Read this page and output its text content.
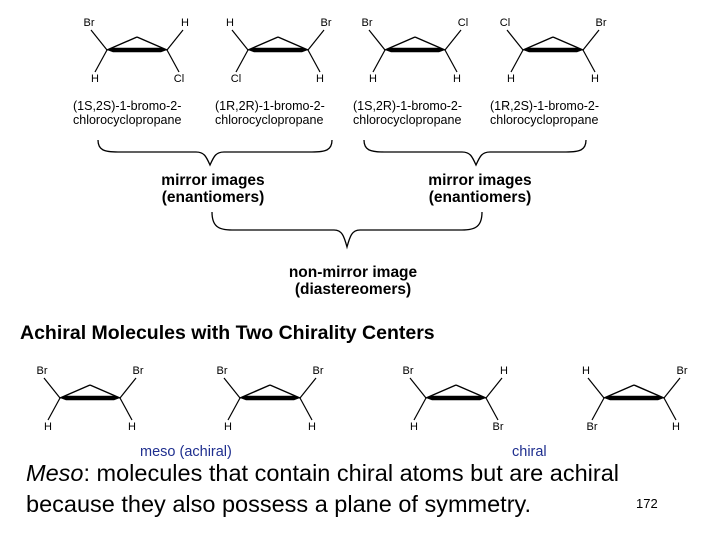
Br	H
H	Cl
H	Br
Cl	H
Br	Cl
H	H
Cl	Br
H	H
Br	Br
H	H
Br	Br
H	H
Br	H
H	Br
H	Br
Br	H
(1S,2S)-1-bromo-2-
chlorocyclopropane
(1R,2R)-1-bromo-2-
chlorocyclopropane
(1S,2R)-1-bromo-2-
chlorocyclopropane
(1R,2S)-1-bromo-2-
chlorocyclopropane
mirror images
(enantiomers)
mirror images
(enantiomers)
non-mirror image
(diastereomers)
Achiral Molecules with Two Chirality Centers
meso (achiral)	chiral
Meso: molecules that contain chiral atoms but are achiral because they also possess a plane of symmetry.	172
